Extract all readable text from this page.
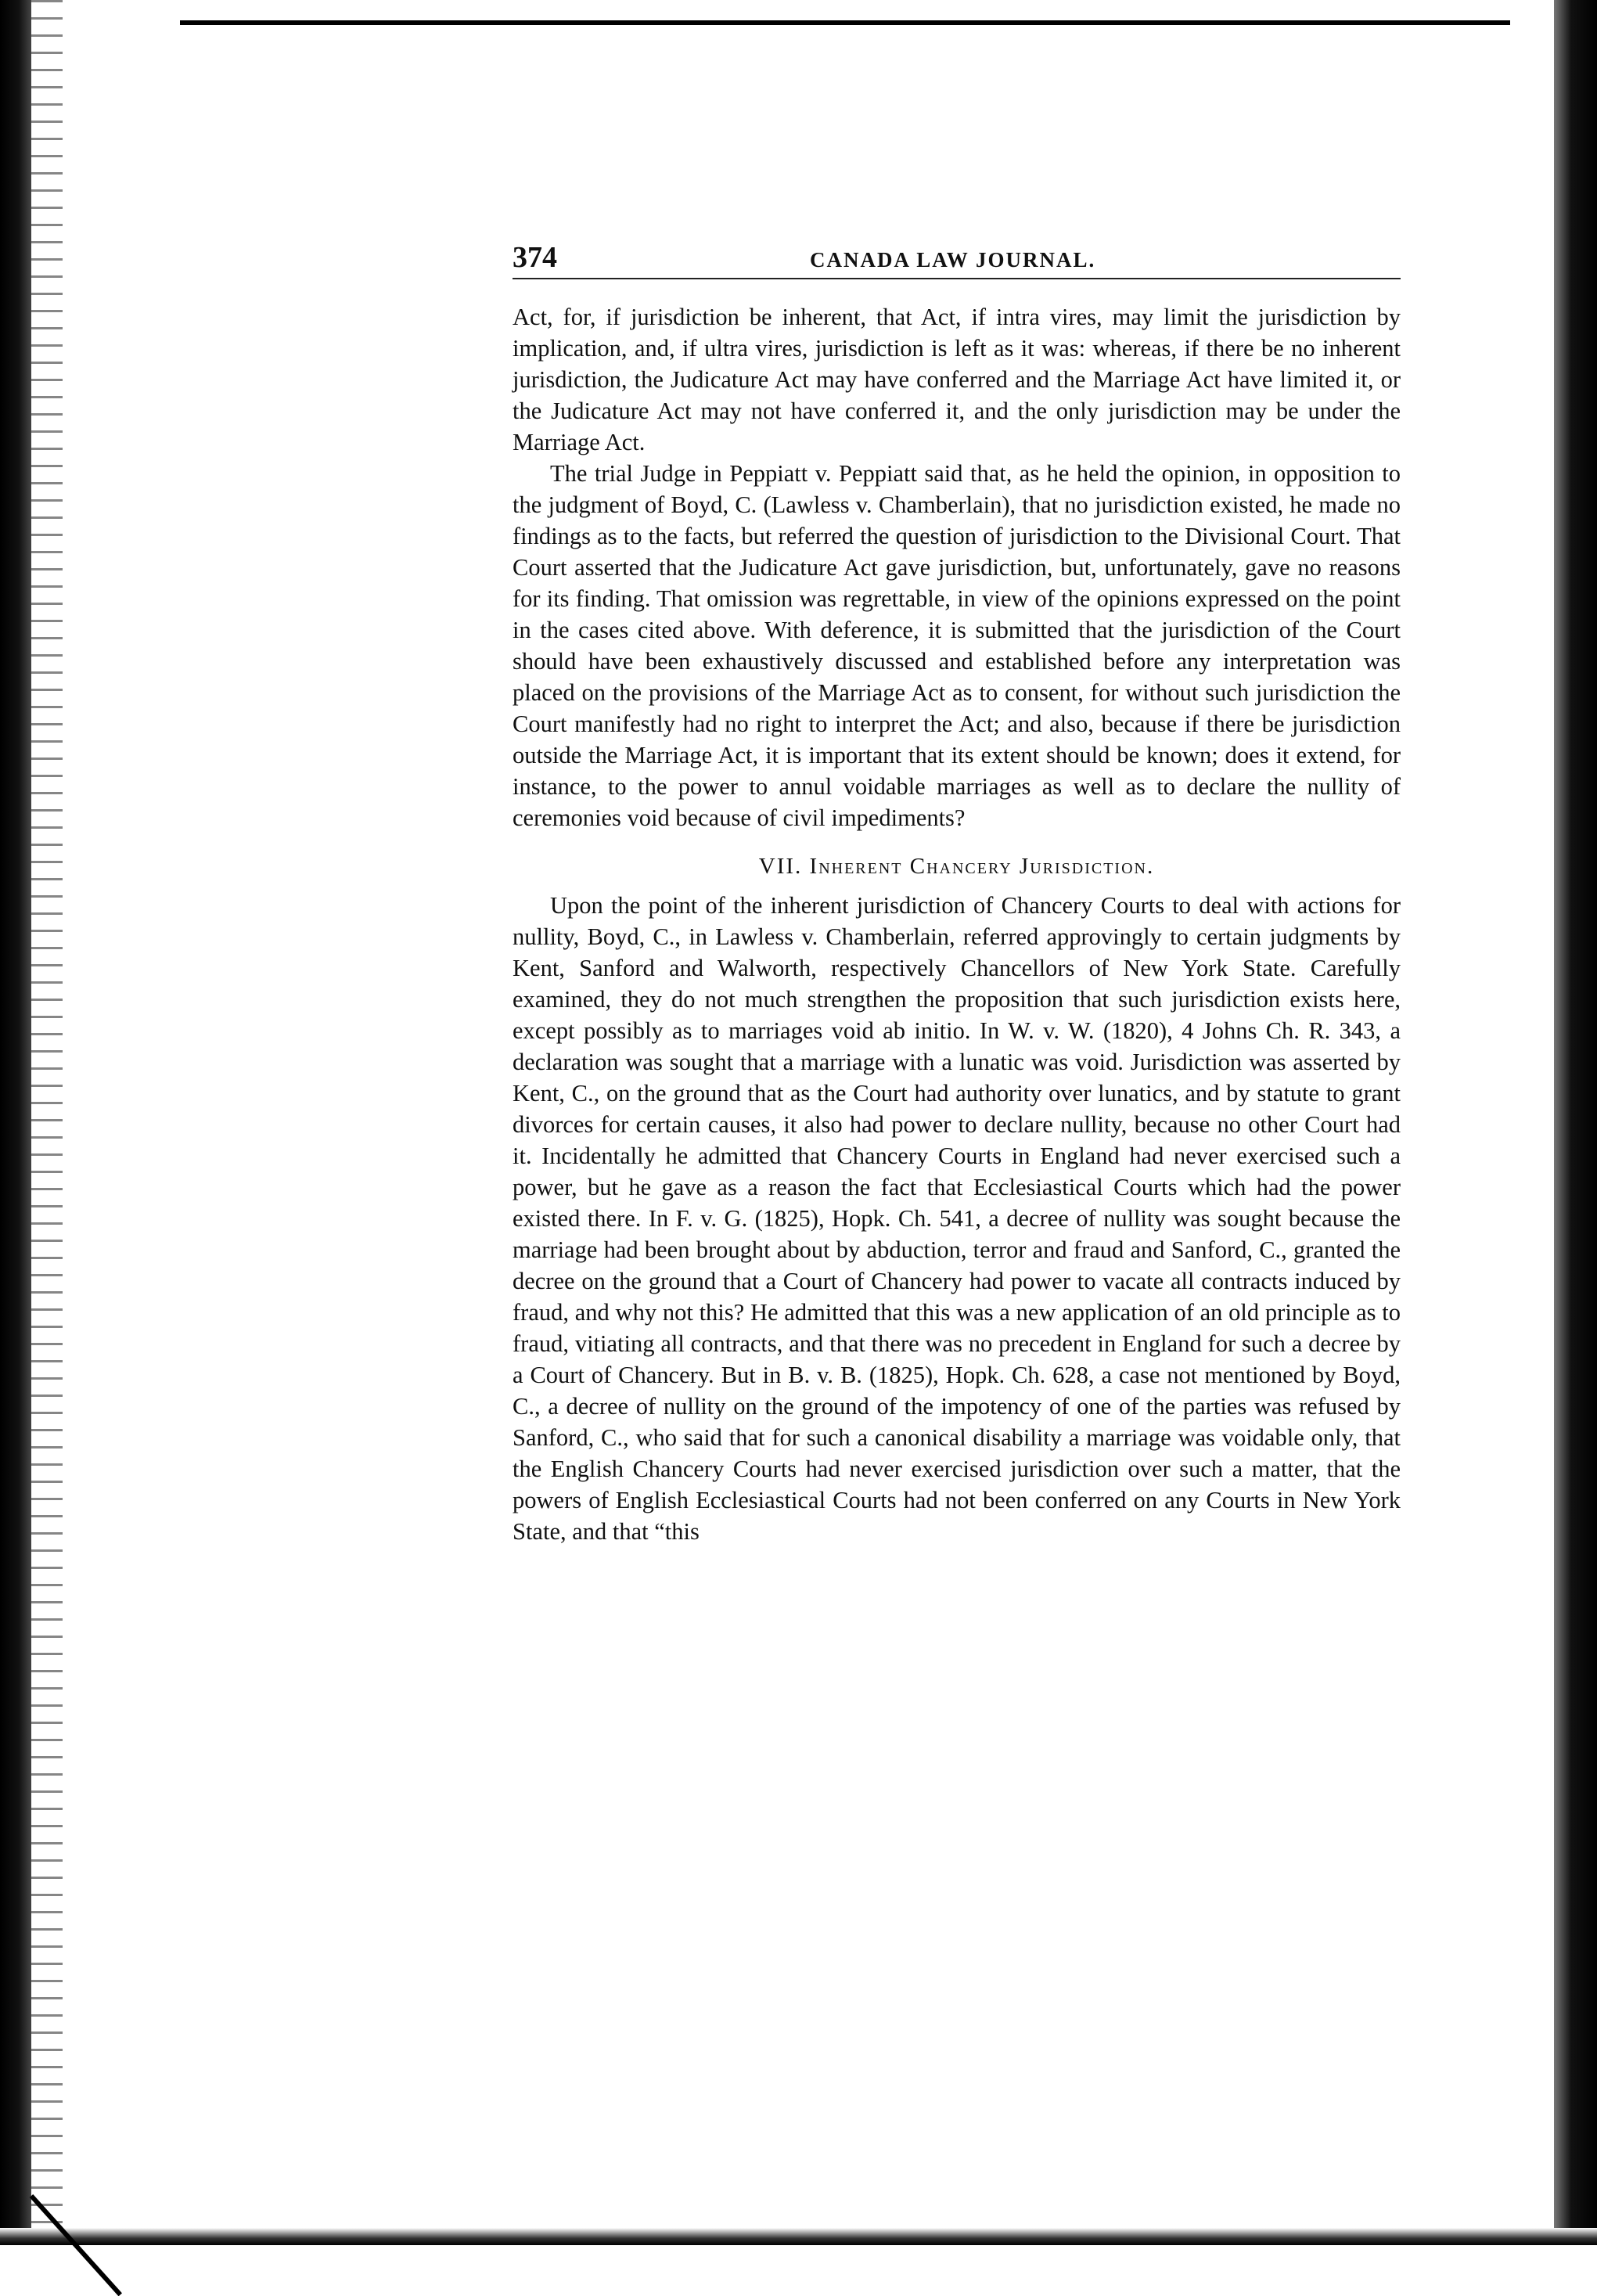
374	CANADA LAW JOURNAL.

Act, for, if jurisdiction be inherent, that Act, if intra vires, may limit the jurisdiction by implication, and, if ultra vires, jurisdiction is left as it was: whereas, if there be no inherent jurisdiction, the Judicature Act may have conferred and the Marriage Act have limited it, or the Judicature Act may not have conferred it, and the only jurisdiction may be under the Marriage Act.

The trial Judge in Peppiatt v. Peppiatt said that, as he held the opinion, in opposition to the judgment of Boyd, C. (Lawless v. Chamberlain), that no jurisdiction existed, he made no findings as to the facts, but referred the question of jurisdiction to the Divisional Court. That Court asserted that the Judicature Act gave jurisdiction, but, unfortunately, gave no reasons for its finding. That omission was regrettable, in view of the opinions expressed on the point in the cases cited above. With deference, it is submitted that the jurisdiction of the Court should have been exhaustively discussed and established before any interpretation was placed on the provisions of the Marriage Act as to consent, for without such jurisdiction the Court manifestly had no right to interpret the Act; and also, because if there be jurisdiction outside the Marriage Act, it is important that its extent should be known; does it extend, for instance, to the power to annul voidable marriages as well as to declare the nullity of ceremonies void because of civil impediments?

VII. Inherent Chancery Jurisdiction.

Upon the point of the inherent jurisdiction of Chancery Courts to deal with actions for nullity, Boyd, C., in Lawless v. Chamberlain, referred approvingly to certain judgments by Kent, Sanford and Walworth, respectively Chancellors of New York State. Carefully examined, they do not much strengthen the proposition that such jurisdiction exists here, except possibly as to marriages void ab initio. In W. v. W. (1820), 4 Johns Ch. R. 343, a declaration was sought that a marriage with a lunatic was void. Jurisdiction was asserted by Kent, C., on the ground that as the Court had authority over lunatics, and by statute to grant divorces for certain causes, it also had power to declare nullity, because no other Court had it. Incidentally he admitted that Chancery Courts in England had never exercised such a power, but he gave as a reason the fact that Ecclesiastical Courts which had the power existed there. In F. v. G. (1825), Hopk. Ch. 541, a decree of nullity was sought because the marriage had been brought about by abduction, terror and fraud and Sanford, C., granted the decree on the ground that a Court of Chancery had power to vacate all contracts induced by fraud, and why not this? He admitted that this was a new application of an old principle as to fraud, vitiating all contracts, and that there was no precedent in England for such a decree by a Court of Chancery. But in B. v. B. (1825), Hopk. Ch. 628, a case not mentioned by Boyd, C., a decree of nullity on the ground of the impotency of one of the parties was refused by Sanford, C., who said that for such a canonical disability a marriage was voidable only, that the English Chancery Courts had never exercised jurisdiction over such a matter, that the powers of English Ecclesiastical Courts had not been conferred on any Courts in New York State, and that “this
